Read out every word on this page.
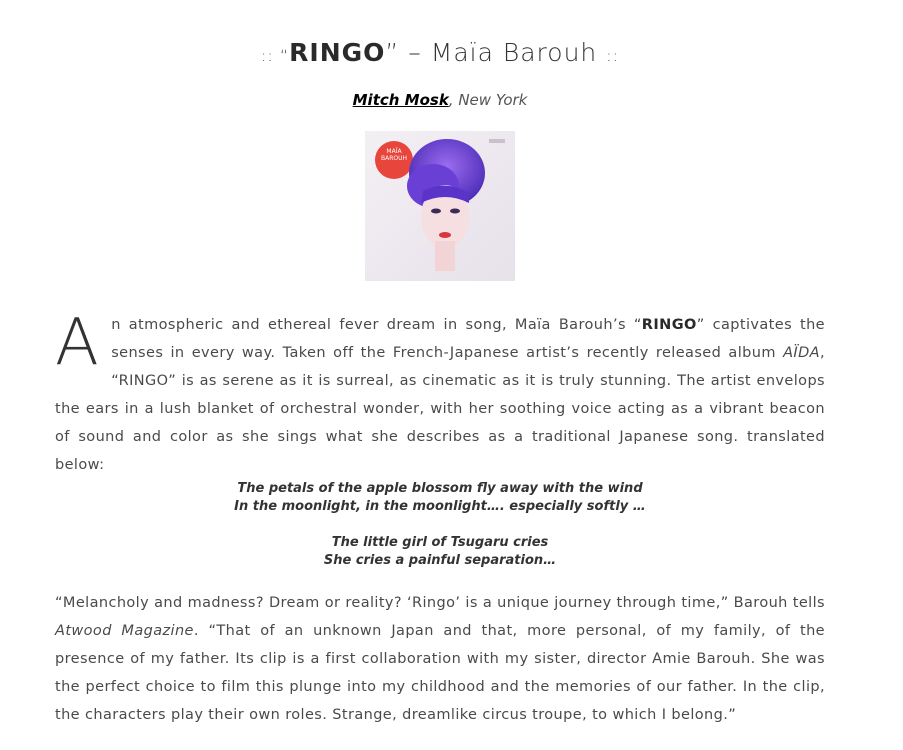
:: “RINGO” – Maïa Barouh ::
Mitch Mosk, New York
MAÏA BAROUH
An atmospheric and ethereal fever dream in song, Maïa Barouh’s “RINGO” captivates the senses in every way. Taken off the French-Japanese artist’s recently released album AÏDA, “RINGO” is as serene as it is surreal, as cinematic as it is truly stunning. The artist envelops the ears in a lush blanket of orchestral wonder, with her soothing voice acting as a vibrant beacon of sound and color as she sings what she describes as a traditional Japanese song. translated below:
The petals of the apple blossom fly away with the wind
In the moonlight, in the moonlight…. especially softly …
The little girl of Tsugaru cries
She cries a painful separation…
“Melancholy and madness? Dream or reality? ‘Ringo’ is a unique journey through time,” Barouh tells Atwood Magazine. “That of an unknown Japan and that, more personal, of my family, of the presence of my father. Its clip is a first collaboration with my sister, director Amie Barouh. She was the perfect choice to film this plunge into my childhood and the memories of our father. In the clip, the characters play their own roles. Strange, dreamlike circus troupe, to which I belong.”
